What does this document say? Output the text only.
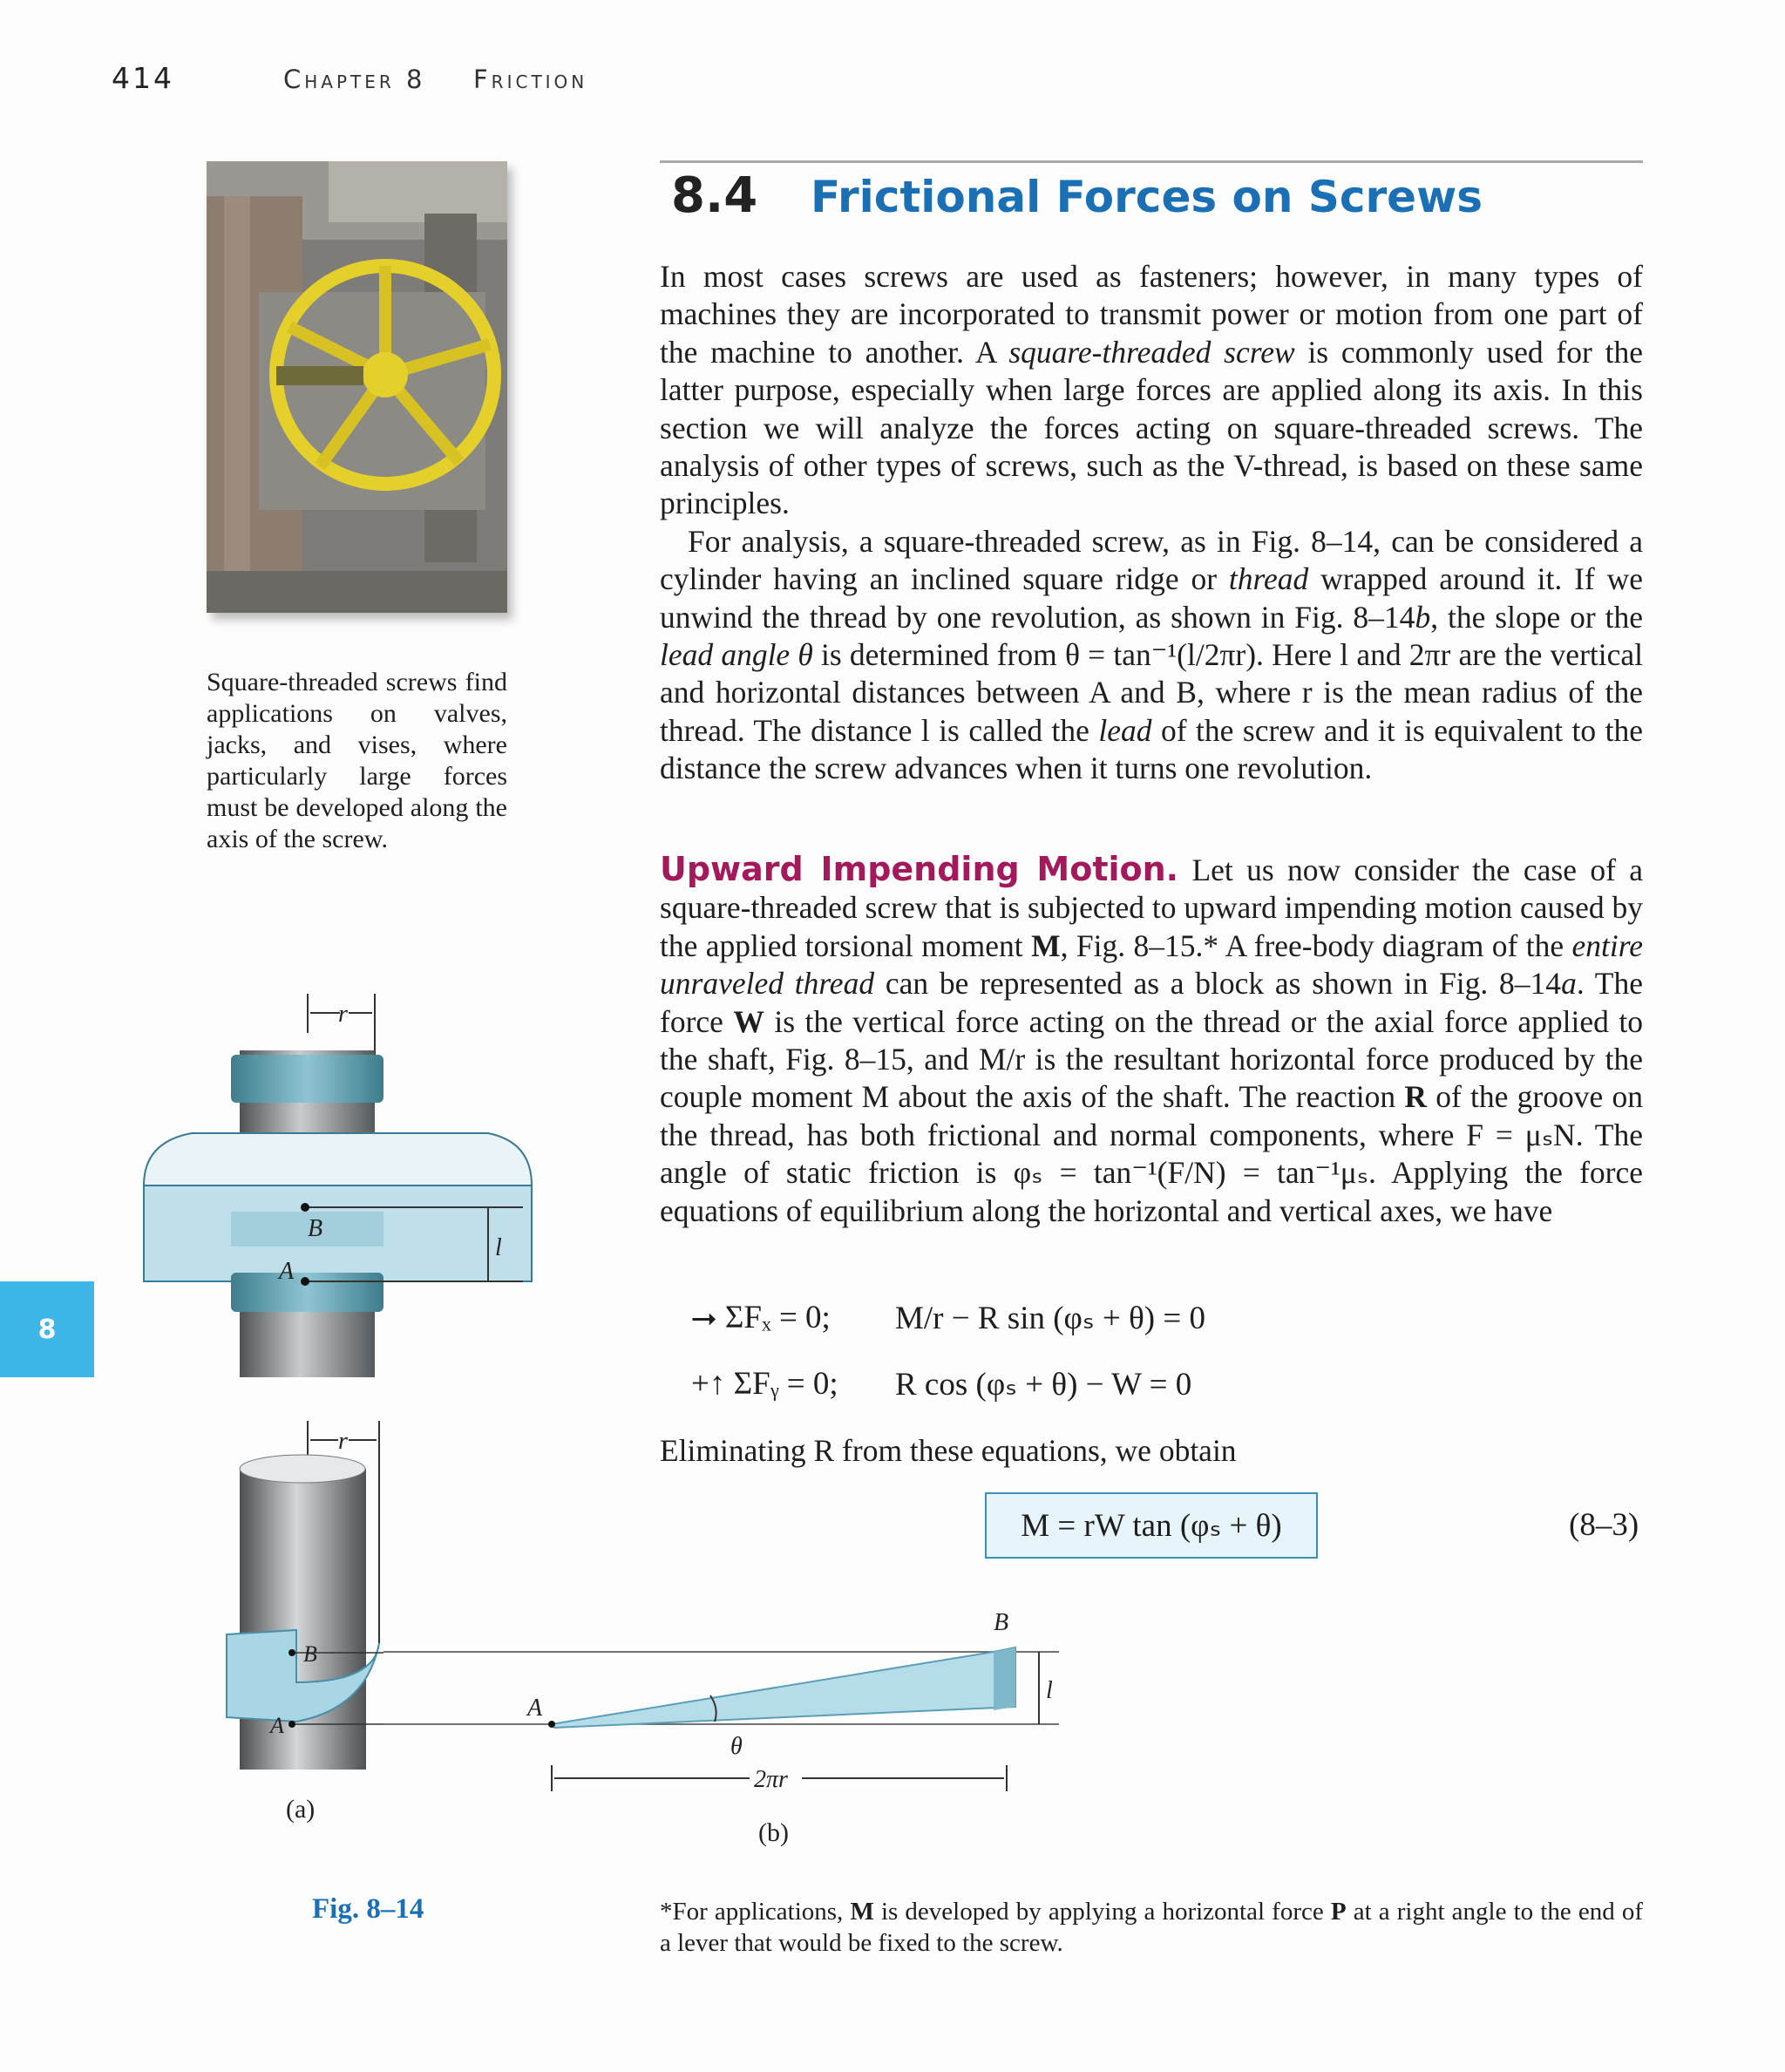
414	Chapter 8 Friction
8.4 Frictional Forces on Screws
Square-threaded screws find applications on valves, jacks, and vises, where particularly large forces must be developed along the axis of the screw.
8

In most cases screws are used as fasteners; however, in many types of machines they are incorporated to transmit power or motion from one part of the machine to another. A square-threaded screw is commonly used for the latter purpose, especially when large forces are applied along its axis. In this section we will analyze the forces acting on square-threaded screws. The analysis of other types of screws, such as the V-thread, is based on these same principles.

For analysis, a square-threaded screw, as in Fig. 8–14, can be considered a cylinder having an inclined square ridge or thread wrapped around it. If we unwind the thread by one revolution, as shown in Fig. 8–14b, the slope or the lead angle θ is determined from θ = tan⁻¹(l/2πr). Here l and 2πr are the vertical and horizontal distances between A and B, where r is the mean radius of the thread. The distance l is called the lead of the screw and it is equivalent to the distance the screw advances when it turns one revolution.

Upward Impending Motion. Let us now consider the case of a square-threaded screw that is subjected to upward impending motion caused by the applied torsional moment M, Fig. 8–15.* A free-body diagram of the entire unraveled thread can be represented as a block as shown in Fig. 8–14a. The force W is the vertical force acting on the thread or the axial force applied to the shaft, Fig. 8–15, and M/r is the resultant horizontal force produced by the couple moment M about the axis of the shaft. The reaction R of the groove on the thread, has both frictional and normal components, where F = μₛN. The angle of static friction is φₛ = tan⁻¹(F/N) = tan⁻¹μₛ. Applying the force equations of equilibrium along the horizontal and vertical axes, we have

⭢ ΣFₓ = 0; M/r − R sin (φₛ + θ) = 0
+↑ ΣFᵧ = 0; R cos (φₛ + θ) − W = 0
Eliminating R from these equations, we obtain
M = rW tan (φₛ + θ)	(8–3)
r
l
B
A
r
B
A
(a)
A
B
l
θ
2πr
(b)
Fig. 8–14	*For applications, M is developed by applying a horizontal force P at a right angle to the end of a lever that would be fixed to the screw.
